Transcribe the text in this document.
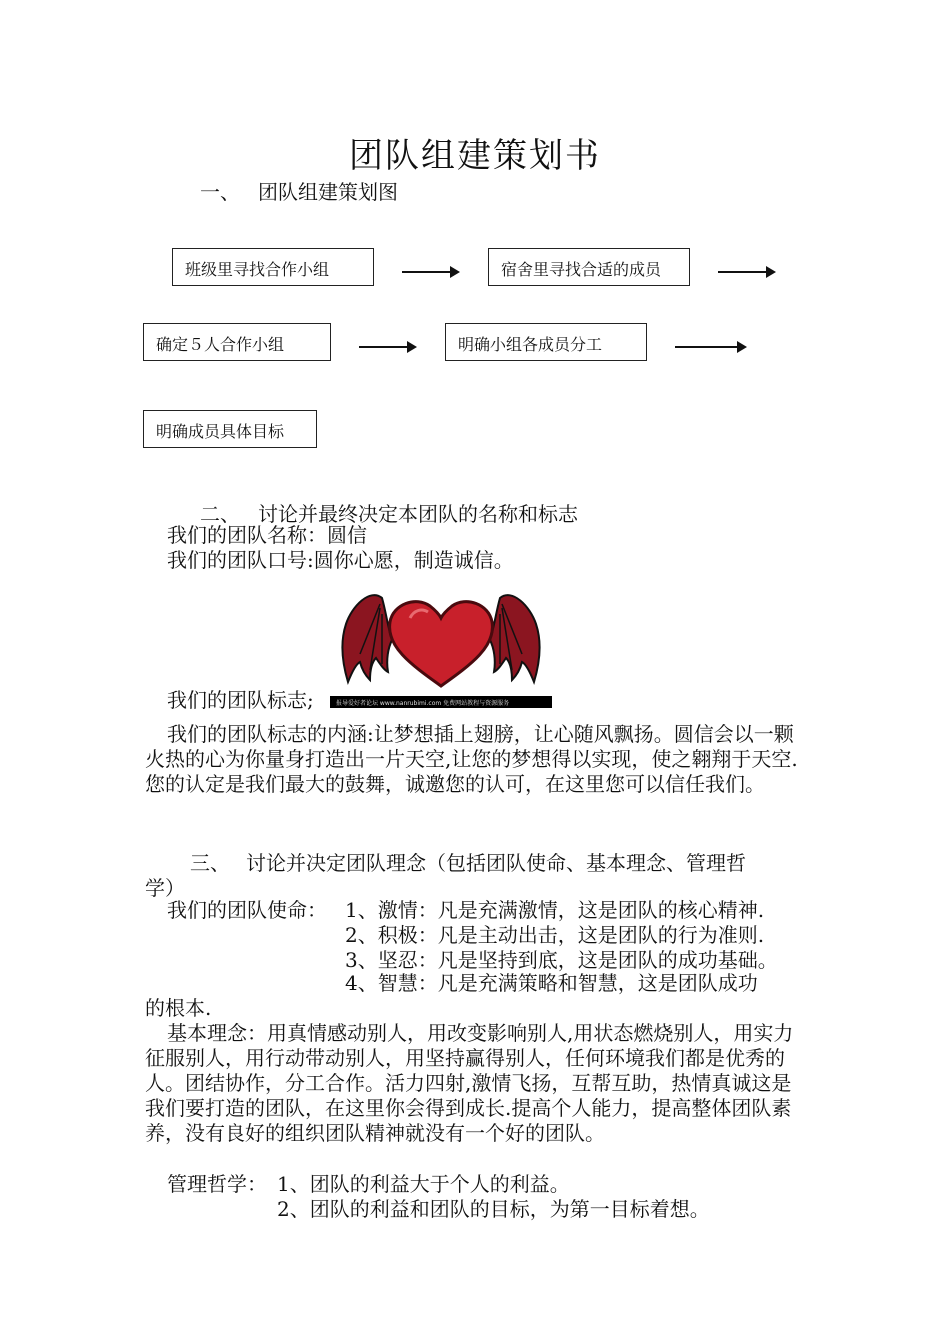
团队组建策划书
一、 团队组建策划图
班级里寻找合作小组	宿舍里寻找合适的成员
确定５人合作小组	明确小组各成员分工
明确成员具体目标
二、 讨论并最终决定本团队的名称和标志
我们的团队名称：圆信
我们的团队口号:圆你心愿，制造诚信。
报导爱好者论坛 www.nanrubimi.com 免费网站教程与资源服务
我们的团队标志;
我们的团队标志的内涵:让梦想插上翅膀，让心随风飘扬。圆信会以一颗火热的心为你量身打造出一片天空,让您的梦想得以实现，使之翱翔于天空.您的认定是我们最大的鼓舞，诚邀您的认可，在这里您可以信任我们。
三、 讨论并决定团队理念（包括团队使命、基本理念、管理哲
学）
我们的团队使命： 1、激情：凡是充满激情，这是团队的核心精神.
2、积极：凡是主动出击，这是团队的行为准则.
3、坚忍：凡是坚持到底，这是团队的成功基础。
4、智慧：凡是充满策略和智慧，这是团队成功
的根本.
基本理念：用真情感动别人，用改变影响别人,用状态燃烧别人，用实力征服别人，用行动带动别人，用坚持赢得别人，任何环境我们都是优秀的人。团结协作，分工合作。活力四射,激情飞扬，互帮互助，热情真诚这是我们要打造的团队，在这里你会得到成长.提高个人能力，提高整体团队素养，没有良好的组织团队精神就没有一个好的团队。
管理哲学： 1、团队的利益大于个人的利益。
2、团队的利益和团队的目标，为第一目标着想。
